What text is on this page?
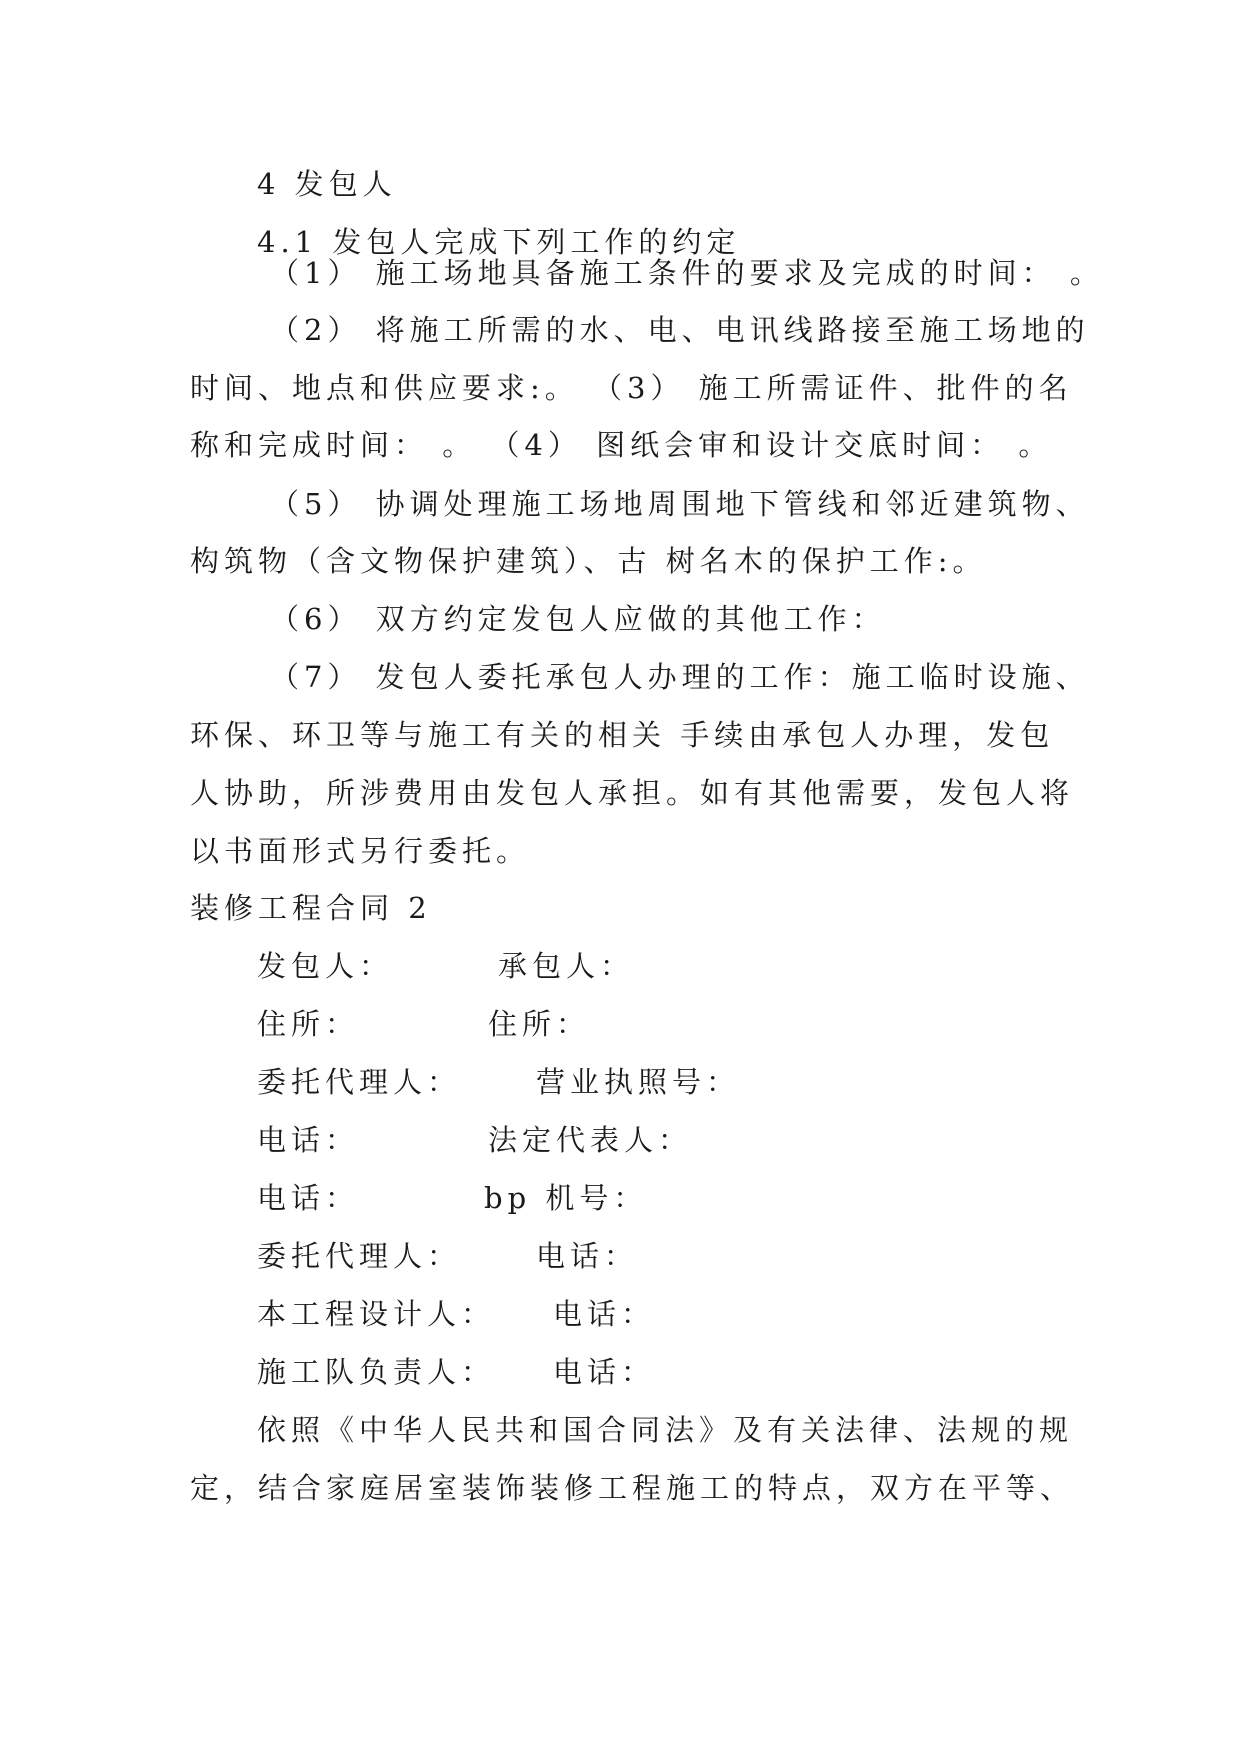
4 发包人
4.1 发包人完成下列工作的约定
（1） 施工场地具备施工条件的要求及完成的时间： 。
（2） 将施工所需的水、电、电讯线路接至施工场地的
时间、地点和供应要求:。 （3） 施工所需证件、批件的名
称和完成时间： 。 （4） 图纸会审和设计交底时间： 。
（5） 协调处理施工场地周围地下管线和邻近建筑物、
构筑物（含文物保护建筑）、古 树名木的保护工作:。
（6） 双方约定发包人应做的其他工作：
（7） 发包人委托承包人办理的工作：施工临时设施、
环保、环卫等与施工有关的相关 手续由承包人办理，发包
人协助，所涉费用由发包人承担。如有其他需要，发包人将
以书面形式另行委托。
装修工程合同 2
发包人：	承包人：
住所：	住所：
委托代理人：	营业执照号：
电话：	法定代表人：
电话：	bp 机号：
委托代理人：	电话：
本工程设计人： 电话：
施工队负责人： 电话：
依照《中华人民共和国合同法》及有关法律、法规的规
定，结合家庭居室装饰装修工程施工的特点，双方在平等、
